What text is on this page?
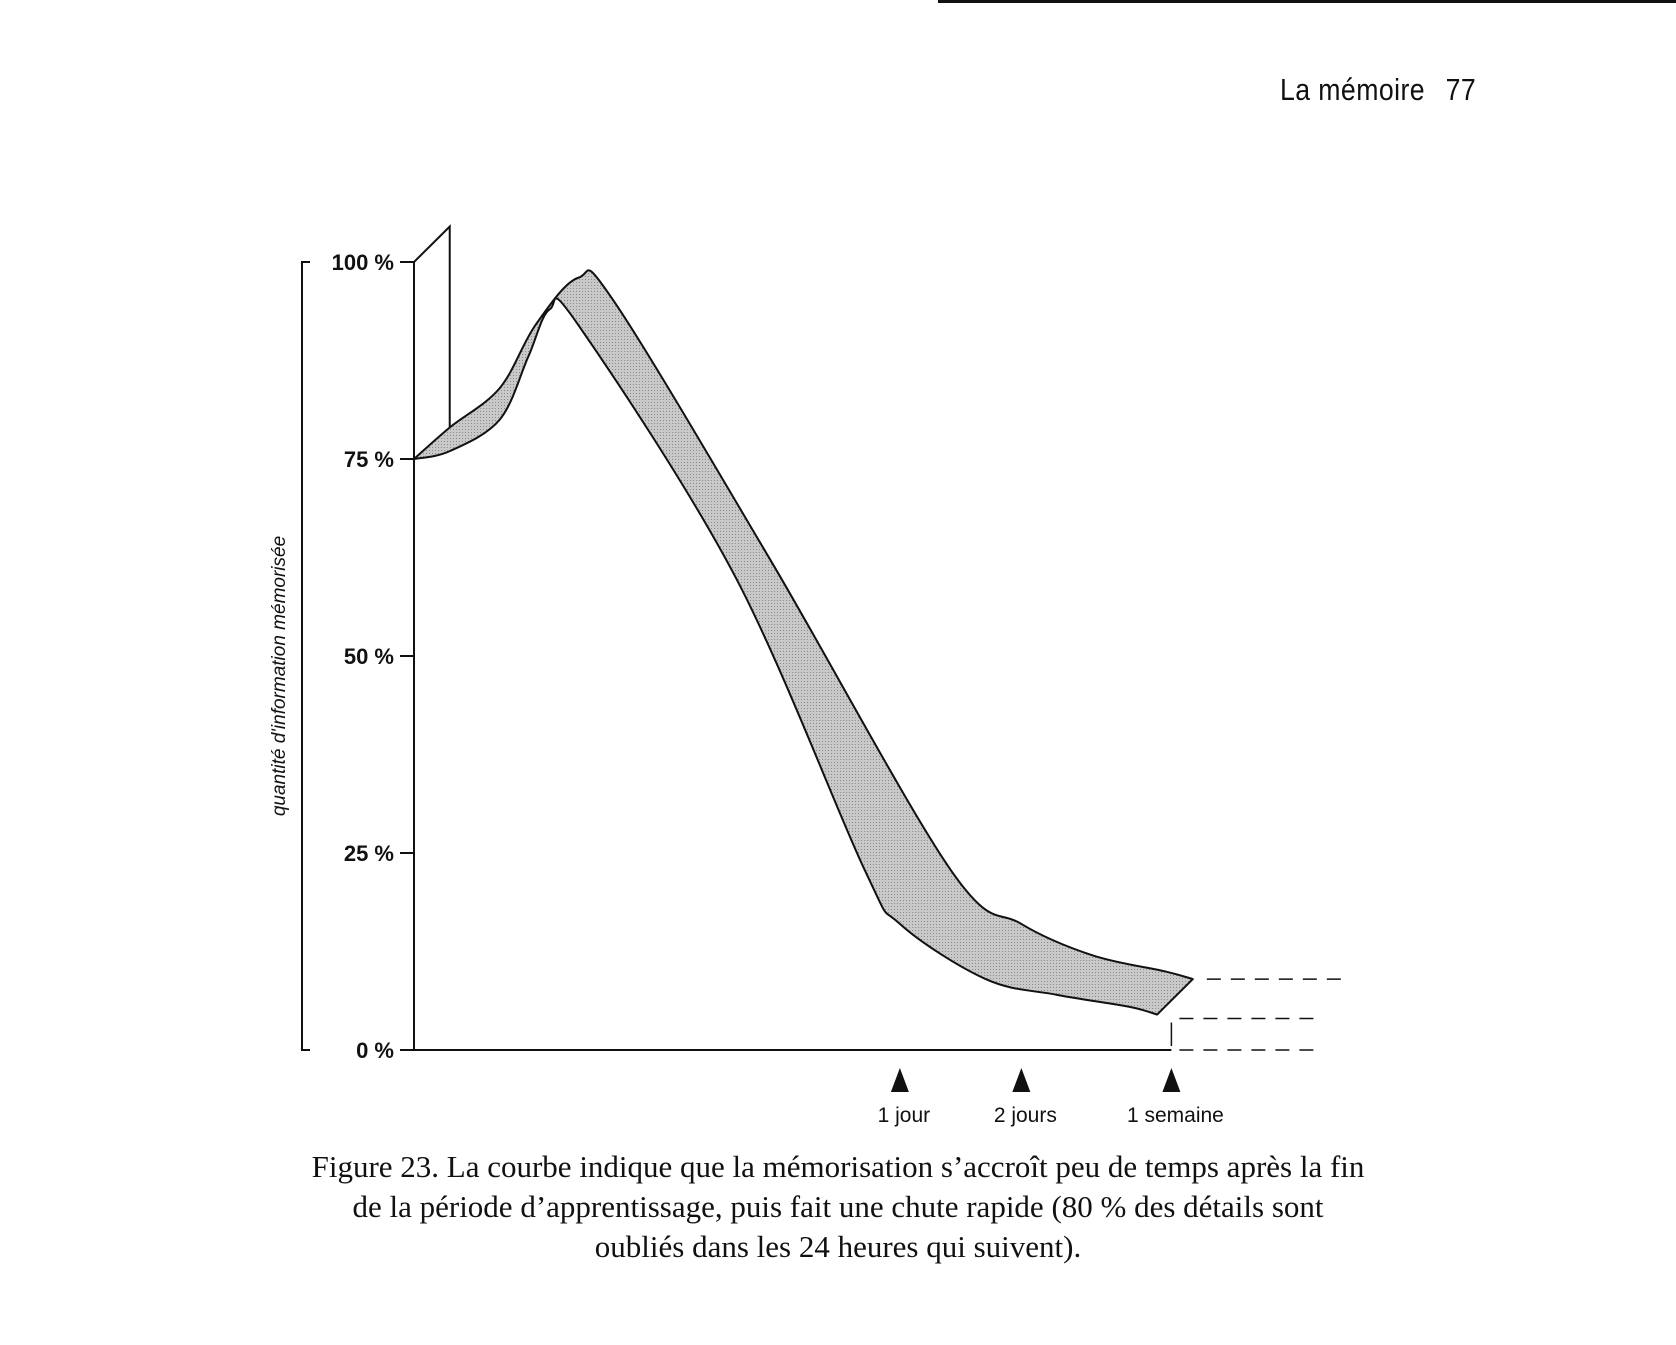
La mémoire 77
100 %
75 %
50 %
25 %
0 %
1 jour	2 jours	1 semaine
quantité d'information mémorisée
Figure 23. La courbe indique que la mémorisation s’accroît peu de temps après la fin
de la période d’apprentissage, puis fait une chute rapide (80 % des détails sont
oubliés dans les 24 heures qui suivent).
